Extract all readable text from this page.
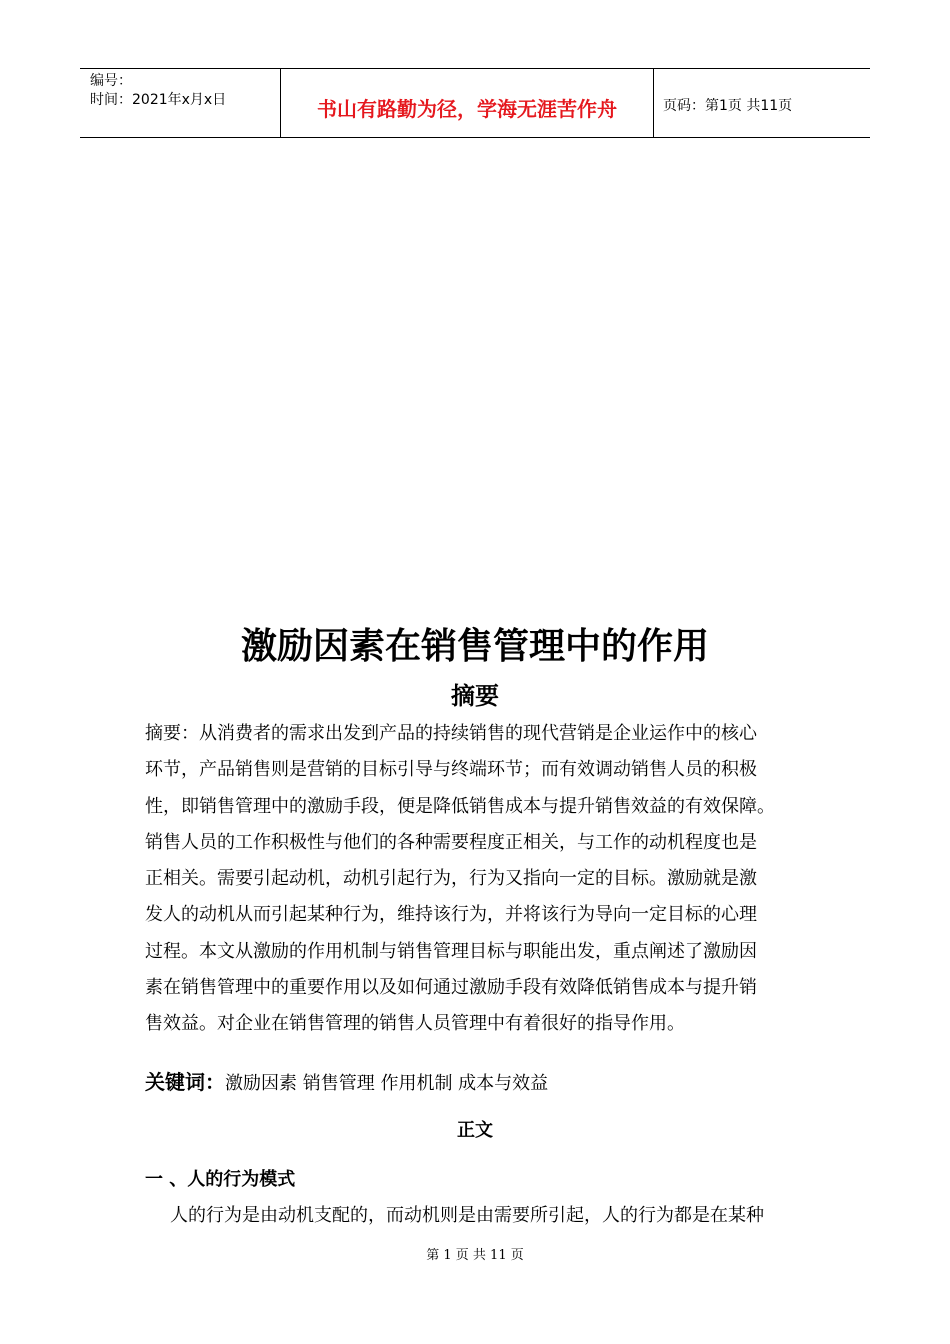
编号：
时间：2021年x月x日	书山有路勤为径，学海无涯苦作舟	页码：第1页 共11页
激励因素在销售管理中的作用
摘要

摘要：从消费者的需求出发到产品的持续销售的现代营销是企业运作中的核心
环节，产品销售则是营销的目标引导与终端环节；而有效调动销售人员的积极
性，即销售管理中的激励手段，便是降低销售成本与提升销售效益的有效保障。
销售人员的工作积极性与他们的各种需要程度正相关，与工作的动机程度也是
正相关。需要引起动机，动机引起行为，行为又指向一定的目标。激励就是激
发人的动机从而引起某种行为，维持该行为，并将该行为导向一定目标的心理
过程。本文从激励的作用机制与销售管理目标与职能出发，重点阐述了激励因
素在销售管理中的重要作用以及如何通过激励手段有效降低销售成本与提升销
售效益。对企业在销售管理的销售人员管理中有着很好的指导作用。

关键词：激励因素 销售管理 作用机制 成本与效益
正文
一 、人的行为模式
人的行为是由动机支配的，而动机则是由需要所引起，人的行为都是在某种
第 1 页 共 11 页
